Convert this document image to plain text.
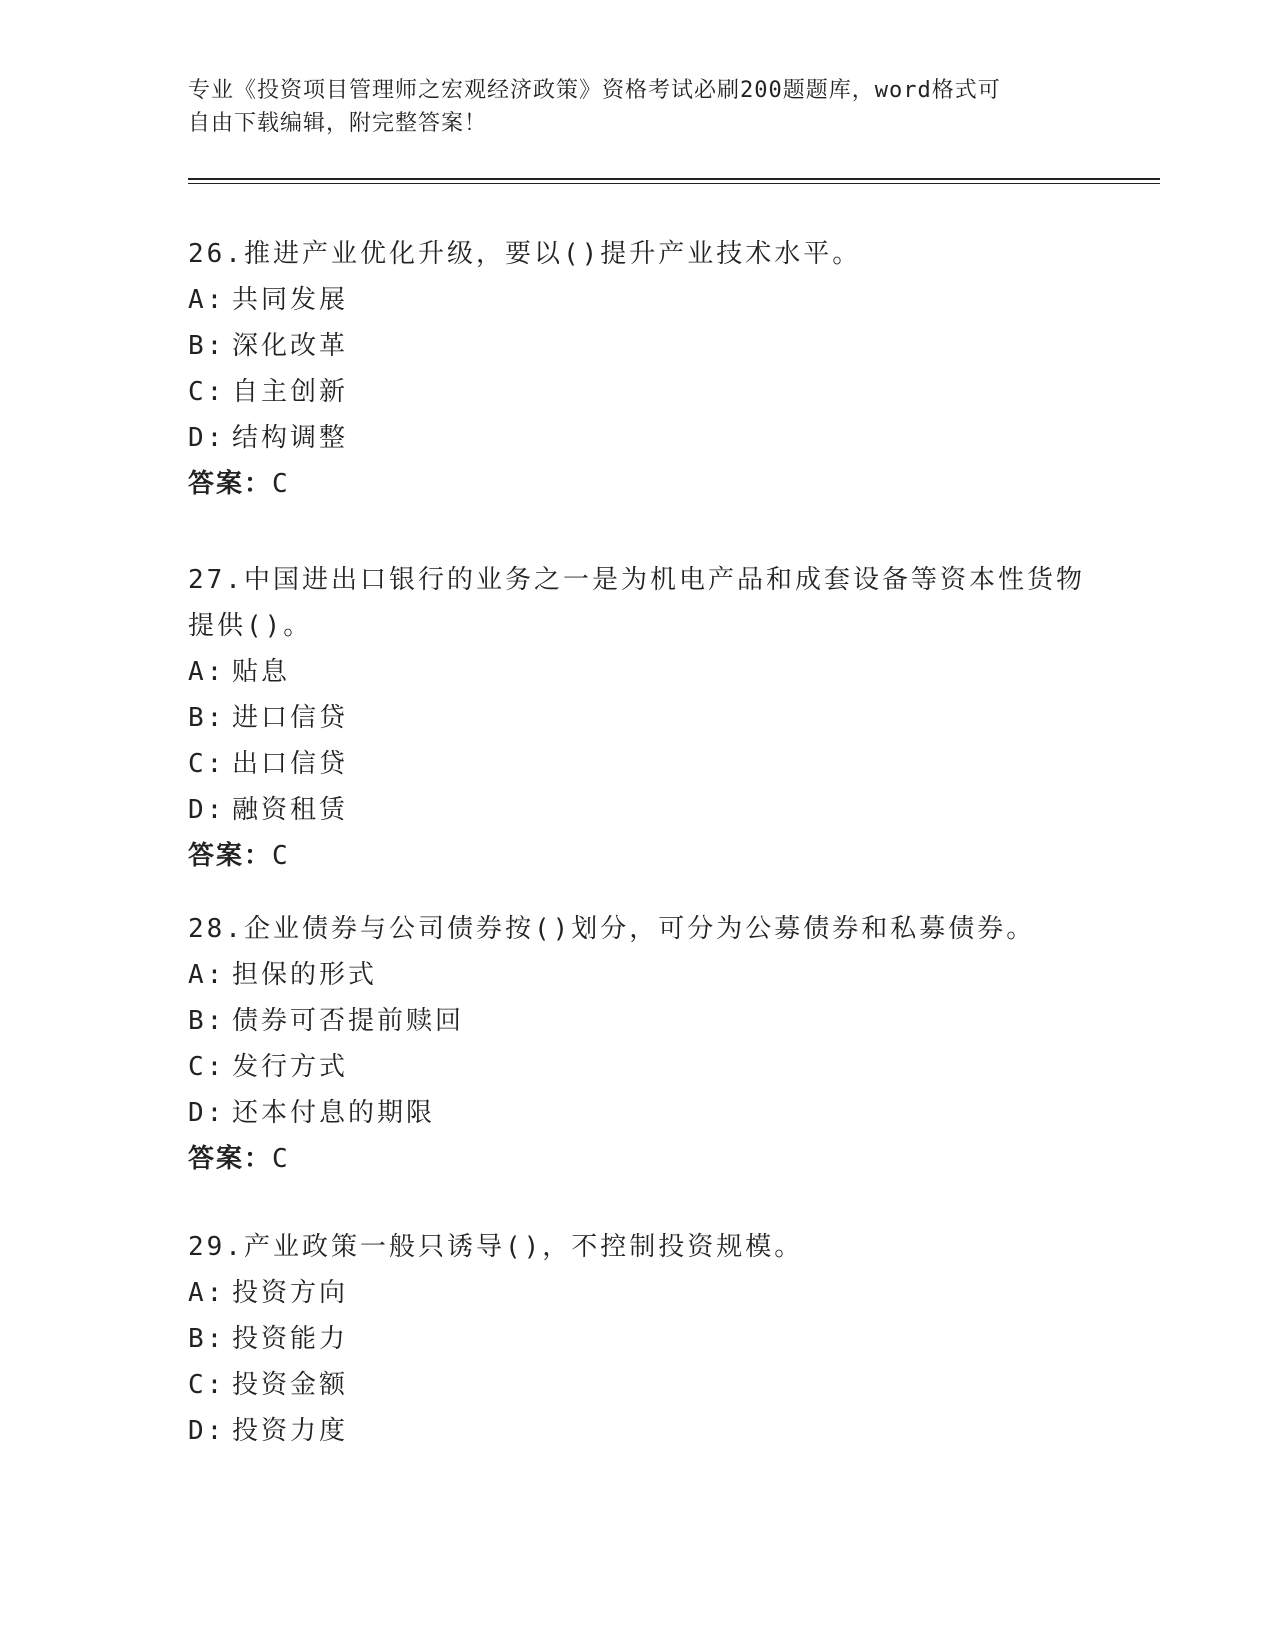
专业《投资项目管理师之宏观经济政策》资格考试必刷200题题库，word格式可
自由下载编辑，附完整答案！
26.推进产业优化升级，要以()提升产业技术水平。
A: 共同发展
B: 深化改革
C: 自主创新
D: 结构调整
答案：C
27.中国进出口银行的业务之一是为机电产品和成套设备等资本性货物提供()。
A: 贴息
B: 进口信贷
C: 出口信贷
D: 融资租赁
答案：C
28.企业债券与公司债券按()划分，可分为公募债券和私募债券。
A: 担保的形式
B: 债券可否提前赎回
C: 发行方式
D: 还本付息的期限
答案：C
29.产业政策一般只诱导()，不控制投资规模。
A: 投资方向
B: 投资能力
C: 投资金额
D: 投资力度
